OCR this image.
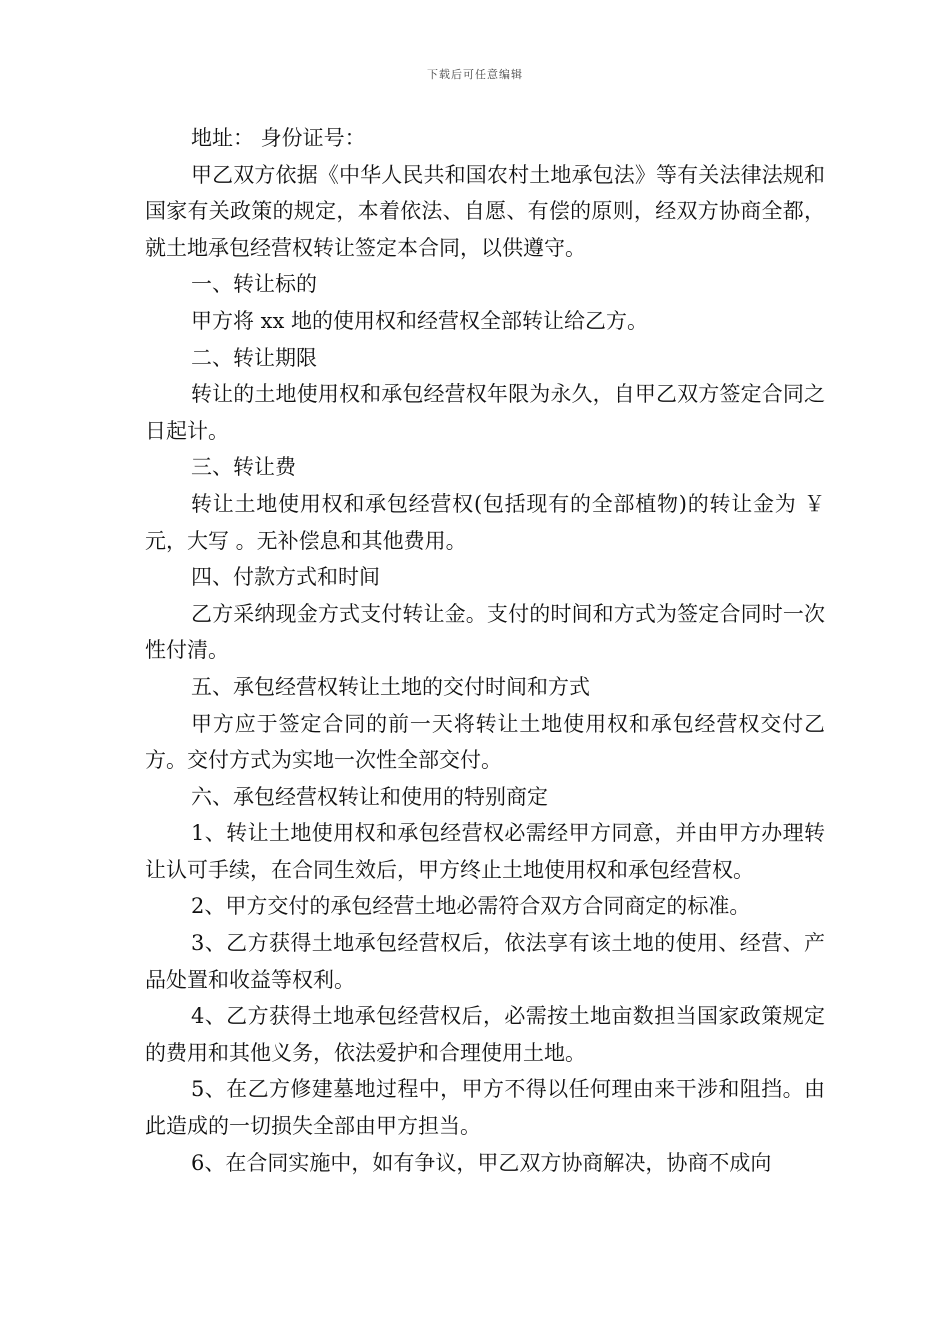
下载后可任意编辑

地址： 身份证号：

甲乙双方依据《中华人民共和国农村土地承包法》等有关法律法规和国家有关政策的规定，本着依法、自愿、有偿的原则，经双方协商全都，就土地承包经营权转让签定本合同，以供遵守。

一、转让标的

甲方将 xx 地的使用权和经营权全部转让给乙方。

二、转让期限

转让的土地使用权和承包经营权年限为永久，自甲乙双方签定合同之日起计。

三、转让费

转让土地使用权和承包经营权(包括现有的全部植物)的转让金为 ￥ 元，大写 。无补偿息和其他费用。

四、付款方式和时间

乙方采纳现金方式支付转让金。支付的时间和方式为签定合同时一次性付清。

五、承包经营权转让土地的交付时间和方式

甲方应于签定合同的前一天将转让土地使用权和承包经营权交付乙方。交付方式为实地一次性全部交付。

六、承包经营权转让和使用的特别商定

1、转让土地使用权和承包经营权必需经甲方同意，并由甲方办理转让认可手续，在合同生效后，甲方终止土地使用权和承包经营权。

2、甲方交付的承包经营土地必需符合双方合同商定的标准。

3、乙方获得土地承包经营权后，依法享有该土地的使用、经营、产品处置和收益等权利。

4、乙方获得土地承包经营权后，必需按土地亩数担当国家政策规定的费用和其他义务，依法爱护和合理使用土地。

5、在乙方修建墓地过程中，甲方不得以任何理由来干涉和阻挡。由此造成的一切损失全部由甲方担当。

6、在合同实施中，如有争议，甲乙双方协商解决，协商不成向
